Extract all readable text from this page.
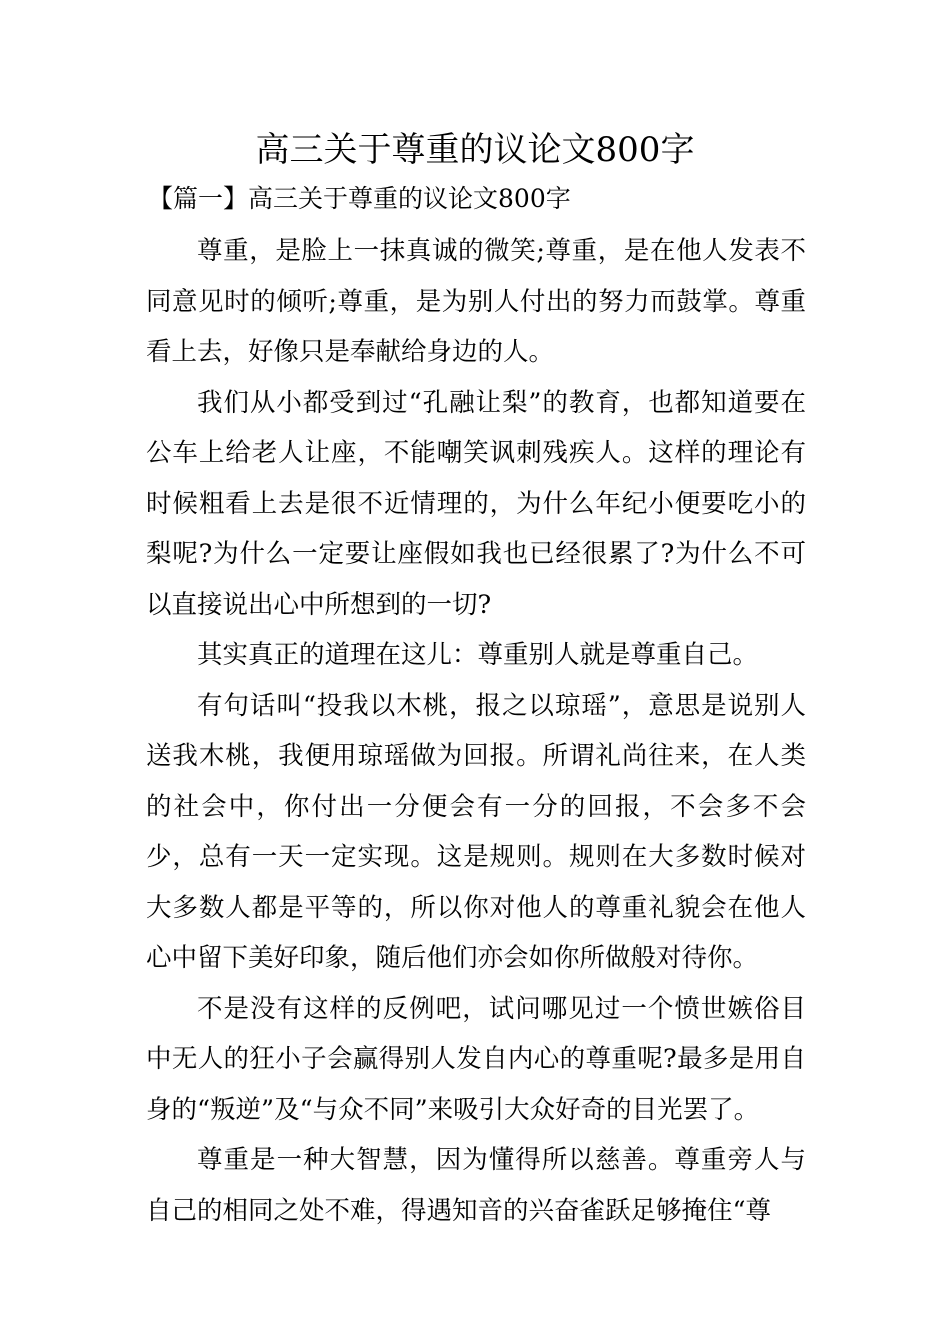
高三关于尊重的议论文800字
【篇一】高三关于尊重的议论文800字

尊重，是脸上一抹真诚的微笑;尊重，是在他人发表不同意见时的倾听;尊重，是为别人付出的努力而鼓掌。尊重看上去，好像只是奉献给身边的人。

我们从小都受到过“孔融让梨”的教育，也都知道要在公车上给老人让座，不能嘲笑讽刺残疾人。这样的理论有时候粗看上去是很不近情理的，为什么年纪小便要吃小的梨呢?为什么一定要让座假如我也已经很累了?为什么不可以直接说出心中所想到的一切?

其实真正的道理在这儿：尊重别人就是尊重自己。

有句话叫“投我以木桃，报之以琼瑶”，意思是说别人送我木桃，我便用琼瑶做为回报。所谓礼尚往来，在人类的社会中，你付出一分便会有一分的回报，不会多不会少，总有一天一定实现。这是规则。规则在大多数时候对大多数人都是平等的，所以你对他人的尊重礼貌会在他人心中留下美好印象，随后他们亦会如你所做般对待你。

不是没有这样的反例吧，试问哪见过一个愤世嫉俗目中无人的狂小子会赢得别人发自内心的尊重呢?最多是用自身的“叛逆”及“与众不同”来吸引大众好奇的目光罢了。

尊重是一种大智慧，因为懂得所以慈善。尊重旁人与自己的相同之处不难，得遇知音的兴奋雀跃足够掩住“尊
